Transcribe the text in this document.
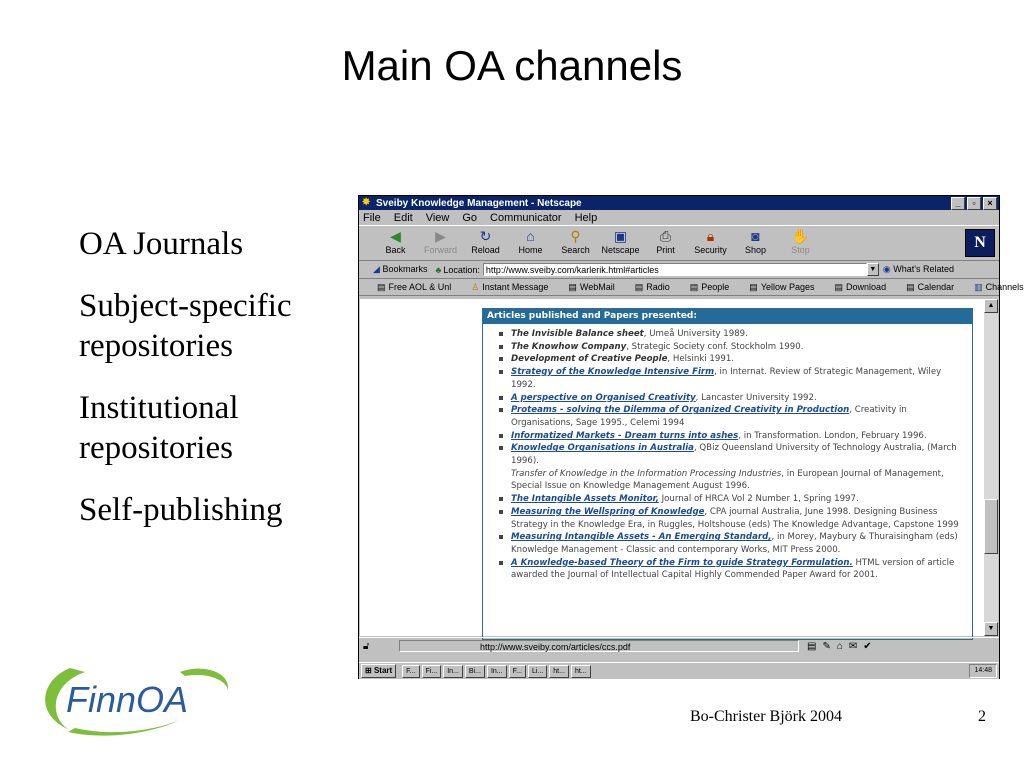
Main OA channels
OA Journals
Subject-specific
repositories
Institutional
repositories
Self-publishing
✸ Sveiby Knowledge Management - Netscape	_	▫	×
File Edit View Go Communicator Help
◀
Back
▶
Forward
↻
Reload
⌂
Home
⚲
Search
▣
Netscape
⎙
Print
🔒︎
Security
◙
Shop
✋
Stop	N
◢ Bookmarks ♣ Location: http://www.sveiby.com/karlerik.html#articles	▼ ◉ What's Related
▤ Free AOL & Unl	♙ Instant Message	▤ WebMail	▤ Radio	▤ People	▤ Yellow Pages	▤ Download	▤ Calendar	▥ Channels
Articles published and Papers presented:
The Invisible Balance sheet, Umeå University 1989.
The Knowhow Company, Strategic Society conf. Stockholm 1990.
Development of Creative People, Helsinki 1991.
Strategy of the Knowledge Intensive Firm, in Internat. Review of Strategic Management, Wiley 1992.
A perspective on Organised Creativity, Lancaster University 1992.
Proteams - solving the Dilemma of Organized Creativity in Production, Creativity in Organisations, Sage 1995., Celemi 1994
Informatized Markets - Dream turns into ashes, in Transformation. London, February 1996.
Knowledge Organisations in Australia, QBiz Queensland University of Technology Australia, (March 1996).
Transfer of Knowledge in the Information Processing Industries, in European Journal of Management, Special Issue on Knowledge Management August 1996.
The Intangible Assets Monitor, Journal of HRCA Vol 2 Number 1, Spring 1997.
Measuring the Wellspring of Knowledge, CPA journal Australia, June 1998. Designing Business Strategy in the Knowledge Era, in Ruggles, Holtshouse (eds) The Knowledge Advantage, Capstone 1999
Measuring Intangible Assets - An Emerging Standard,, in Morey, Maybury & Thuraisingham (eds) Knowledge Management - Classic and contemporary Works, MIT Press 2000.
A Knowledge-based Theory of the Firm to guide Strategy Formulation. HTML version of article awarded the Journal of Intellectual Capital Highly Commended Paper Award for 2001.
▲
▼
🔓︎	http://www.sveiby.com/articles/ccs.pdf	▤✎⌂✉✔
⊞ Start	F...	Fi...	In...	Bi...	In...	F...	Li...	ht...	ht...	14:48
FinnOA	Bo-Christer Björk 2004	2
